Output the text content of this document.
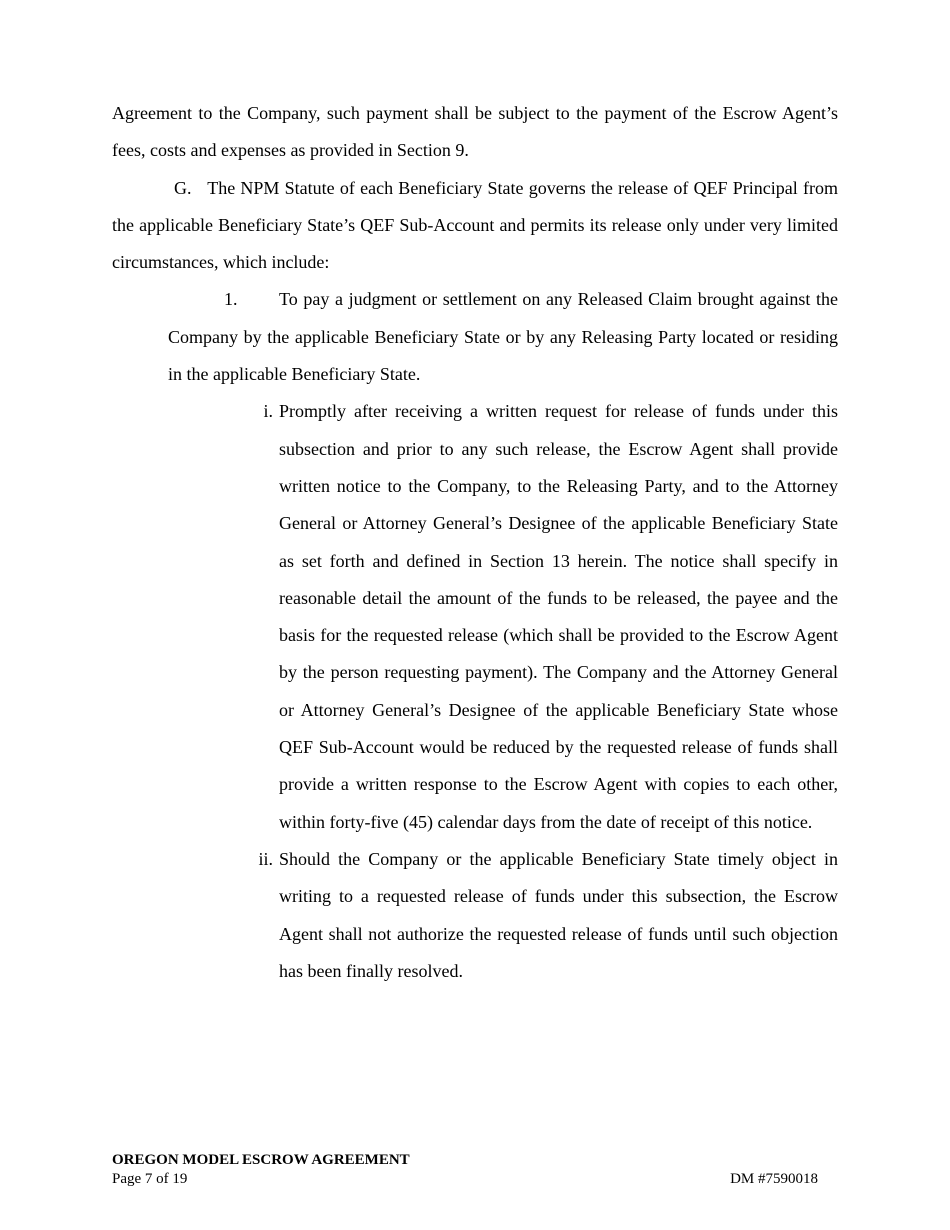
Agreement to the Company, such payment shall be subject to the payment of the Escrow Agent’s fees, costs and expenses as provided in Section 9.

G. The NPM Statute of each Beneficiary State governs the release of QEF Principal from the applicable Beneficiary State’s QEF Sub-Account and permits its release only under very limited circumstances, which include:

1. To pay a judgment or settlement on any Released Claim brought against the Company by the applicable Beneficiary State or by any Releasing Party located or residing in the applicable Beneficiary State.

i. Promptly after receiving a written request for release of funds under this subsection and prior to any such release, the Escrow Agent shall provide written notice to the Company, to the Releasing Party, and to the Attorney General or Attorney General’s Designee of the applicable Beneficiary State as set forth and defined in Section 13 herein. The notice shall specify in reasonable detail the amount of the funds to be released, the payee and the basis for the requested release (which shall be provided to the Escrow Agent by the person requesting payment). The Company and the Attorney General or Attorney General’s Designee of the applicable Beneficiary State whose QEF Sub-Account would be reduced by the requested release of funds shall provide a written response to the Escrow Agent with copies to each other, within forty-five (45) calendar days from the date of receipt of this notice.

ii. Should the Company or the applicable Beneficiary State timely object in writing to a requested release of funds under this subsection, the Escrow Agent shall not authorize the requested release of funds until such objection has been finally resolved.

OREGON MODEL ESCROW AGREEMENT
Page 7 of 19	DM #7590018
